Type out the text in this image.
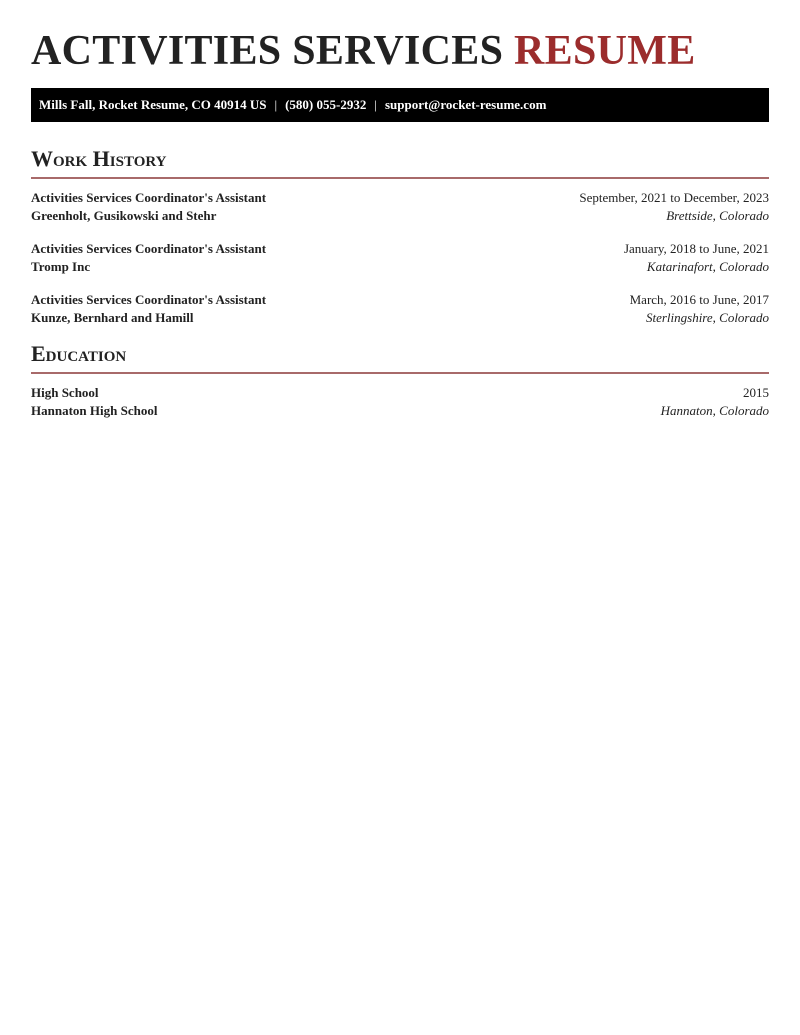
ACTIVITIES SERVICES RESUME
Mills Fall, Rocket Resume, CO 40914 US | (580) 055-2932 | support@rocket-resume.com
Work History
Activities Services Coordinator's Assistant	September, 2021 to December, 2023
Greenholt, Gusikowski and Stehr	Brettside, Colorado
Activities Services Coordinator's Assistant	January, 2018 to June, 2021
Tromp Inc	Katarinafort, Colorado
Activities Services Coordinator's Assistant	March, 2016 to June, 2017
Kunze, Bernhard and Hamill	Sterlingshire, Colorado
Education
High School	2015
Hannaton High School	Hannaton, Colorado
